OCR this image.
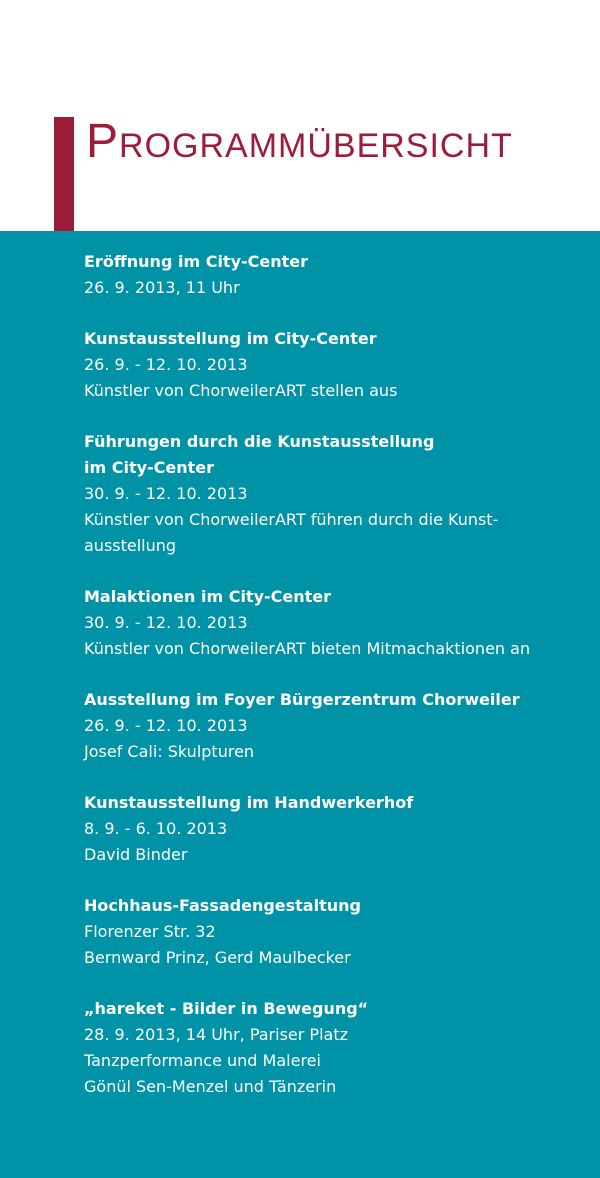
Programmübersicht

Eröffnung im City-Center

26. 9. 2013, 11 Uhr

Kunstausstellung im City-Center

26. 9. - 12. 10. 2013

Künstler von ChorweilerART stellen aus

Führungen durch die Kunstausstellung

im City-Center

30. 9. - 12. 10. 2013

Künstler von ChorweilerART führen durch die Kunst-

ausstellung

Malaktionen im City-Center

30. 9. - 12. 10. 2013

Künstler von ChorweilerART bieten Mitmachaktionen an

Ausstellung im Foyer Bürgerzentrum Chorweiler

26. 9. - 12. 10. 2013

Josef Cali: Skulpturen

Kunstausstellung im Handwerkerhof

8. 9. - 6. 10. 2013

David Binder

Hochhaus-Fassadengestaltung

Florenzer Str. 32

Bernward Prinz, Gerd Maulbecker

„hareket - Bilder in Bewegung“

28. 9. 2013, 14 Uhr, Pariser Platz

Tanzperformance und Malerei

Gönül Sen-Menzel und Tänzerin
